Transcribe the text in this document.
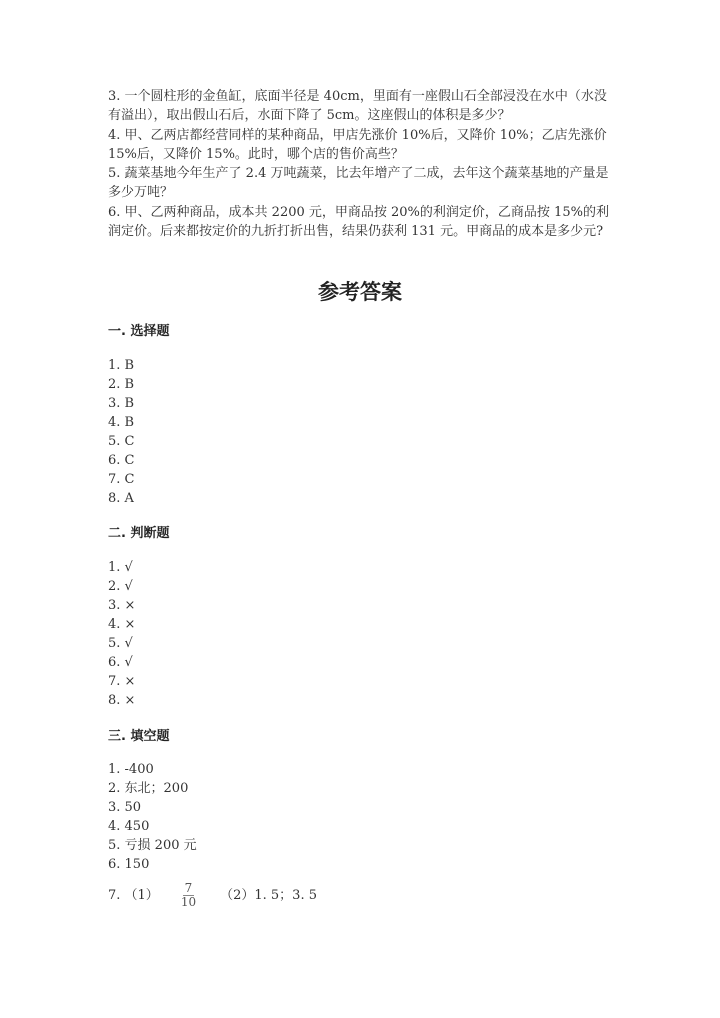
3. 一个圆柱形的金鱼缸，底面半径是 40cm，里面有一座假山石全部浸没在水中（水没有溢出），取出假山石后，水面下降了 5cm。这座假山的体积是多少？

4. 甲、乙两店都经营同样的某种商品，甲店先涨价 10%后，又降价 10%；乙店先涨价 15%后，又降价 15%。此时，哪个店的售价高些？

5. 蔬菜基地今年生产了 2.4 万吨蔬菜，比去年增产了二成，去年这个蔬菜基地的产量是多少万吨？

6. 甲、乙两种商品，成本共 2200 元，甲商品按 20%的利润定价，乙商品按 15%的利润定价。后来都按定价的九折打折出售，结果仍获利 131 元。甲商品的成本是多少元?

参考答案
一. 选择题
1. B
2. B
3. B
4. B
5. C
6. C
7. C
8. A
二. 判断题
1. √
2. √
3. ×
4. ×
5. √
6. √
7. ×
8. ×
三. 填空题
1. -400
2. 东北；200
3. 50
4. 450
5. 亏损 200 元
6. 150
7. $(1) \frac{7}{10} (2)1$. 5；3. 5
